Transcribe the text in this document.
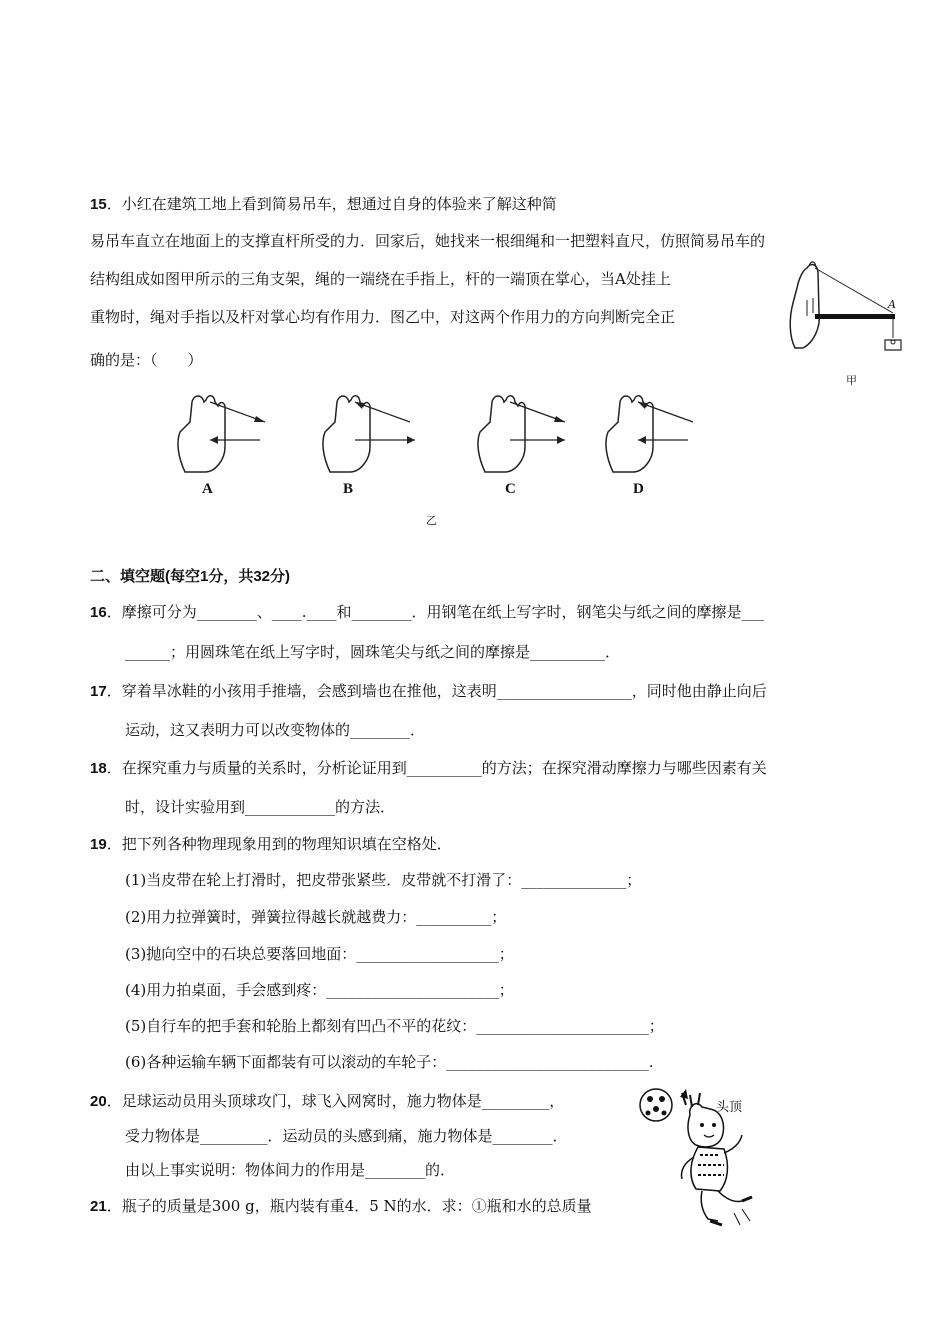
15．小红在建筑工地上看到简易吊车，想通过自身的体验来了解这种简
易吊车直立在地面上的支撑直杆所受的力．回家后，她找来一根细绳和一把塑料直尺，仿照简易吊车的
结构组成如图甲所示的三角支架，绳的一端绕在手指上，杆的一端顶在掌心，当A处挂上
重物时，绳对手指以及杆对掌心均有作用力．图乙中，对这两个作用力的方向判断完全正
确的是：（　　）
A
甲
A	B	C	D
乙
二、填空题(每空1分，共32分)
16．摩擦可分为________、____.____和________．用钢笔在纸上写字时，钢笔尖与纸之间的摩擦是___
______；用圆珠笔在纸上写字时，圆珠笔尖与纸之间的摩擦是__________．
17．穿着旱冰鞋的小孩用手推墙，会感到墙也在推他，这表明__________________，同时他由静止向后
运动，这又表明力可以改变物体的________．
18．在探究重力与质量的关系时，分析论证用到__________的方法；在探究滑动摩擦力与哪些因素有关
时，设计实验用到____________的方法．
19．把下列各种物理现象用到的物理知识填在空格处．
(1)当皮带在轮上打滑时，把皮带张紧些．皮带就不打滑了：______________；
(2)用力拉弹簧时，弹簧拉得越长就越费力：__________；
(3)抛向空中的石块总要落回地面：___________________；
(4)用力拍桌面，手会感到疼：_______________________；
(5)自行车的把手套和轮胎上都刻有凹凸不平的花纹：_______________________；
(6)各种运输车辆下面都装有可以滚动的车轮子：___________________________.
20．足球运动员用头顶球攻门，球飞入网窝时，施力物体是_________，
受力物体是_________．运动员的头感到痛，施力物体是________．
由以上事实说明：物体间力的作用是________的．
头顶
21．瓶子的质量是300 g，瓶内装有重4．5 N的水．求：①瓶和水的总质量
